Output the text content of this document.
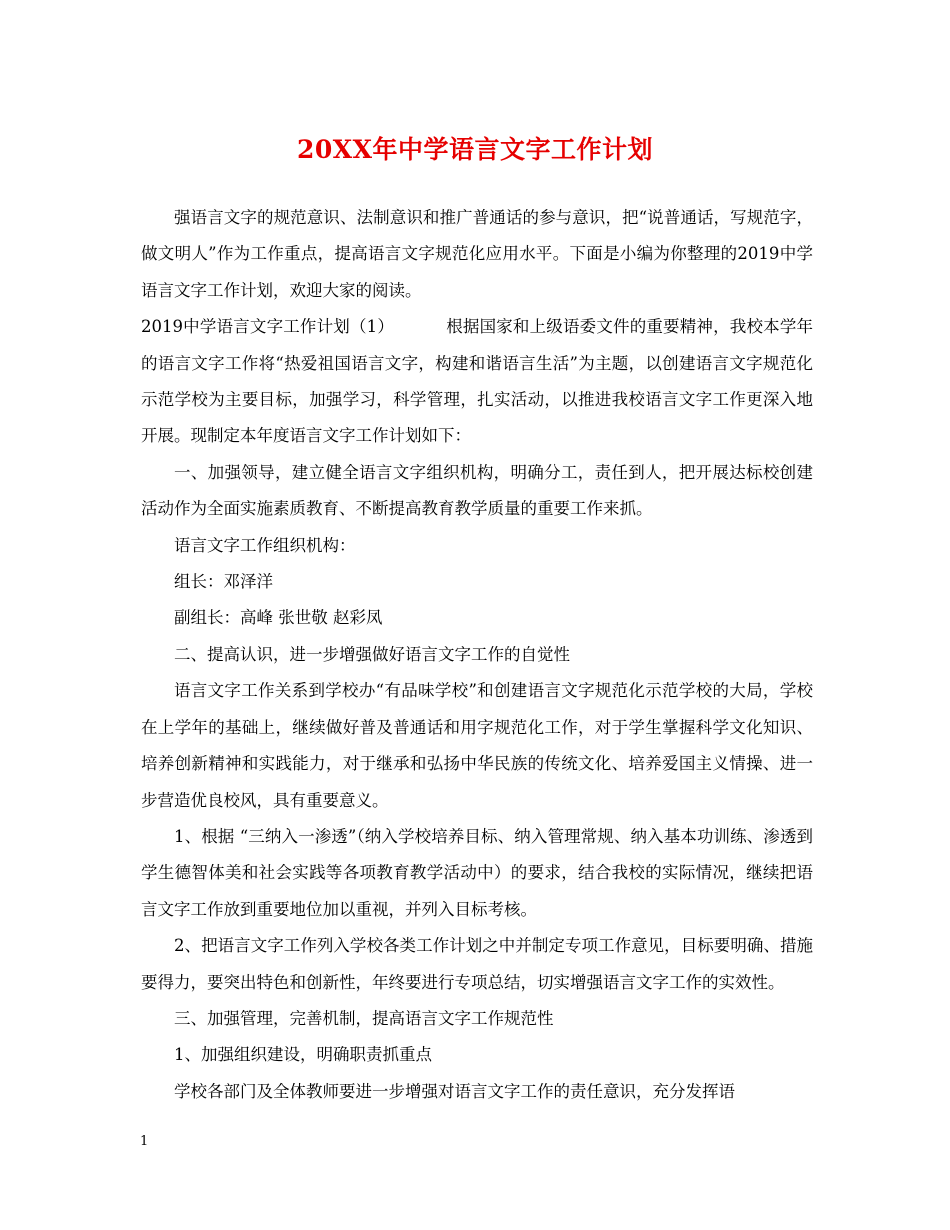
20XX年中学语言文字工作计划

强语言文字的规范意识、法制意识和推广普通话的参与意识，把“说普通话，写规范字，做文明人”作为工作重点，提高语言文字规范化应用水平。下面是小编为你整理的2019中学语言文字工作计划，欢迎大家的阅读。

2019中学语言文字工作计划（1）	根据国家和上级语委文件的重要精神，我校本学年的语言文字工作将“热爱祖国语言文字，构建和谐语言生活”为主题，以创建语言文字规范化示范学校为主要目标，加强学习，科学管理，扎实活动，以推进我校语言文字工作更深入地开展。现制定本年度语言文字工作计划如下：

一、加强领导，建立健全语言文字组织机构，明确分工，责任到人，把开展达标校创建活动作为全面实施素质教育、不断提高教育教学质量的重要工作来抓。

语言文字工作组织机构：

组长：邓泽洋

副组长：高峰 张世敬 赵彩凤

二、提高认识，进一步增强做好语言文字工作的自觉性

语言文字工作关系到学校办“有品味学校”和创建语言文字规范化示范学校的大局，学校在上学年的基础上，继续做好普及普通话和用字规范化工作，对于学生掌握科学文化知识、培养创新精神和实践能力，对于继承和弘扬中华民族的传统文化、培养爱国主义情操、进一步营造优良校风，具有重要意义。

1、根据 “三纳入一渗透”（纳入学校培养目标、纳入管理常规、纳入基本功训练、渗透到学生德智体美和社会实践等各项教育教学活动中）的要求，结合我校的实际情况，继续把语言文字工作放到重要地位加以重视，并列入目标考核。

2、把语言文字工作列入学校各类工作计划之中并制定专项工作意见，目标要明确、措施要得力，要突出特色和创新性，年终要进行专项总结，切实增强语言文字工作的实效性。

三、加强管理，完善机制，提高语言文字工作规范性

1、加强组织建设，明确职责抓重点

学校各部门及全体教师要进一步增强对语言文字工作的责任意识，充分发挥语

1
